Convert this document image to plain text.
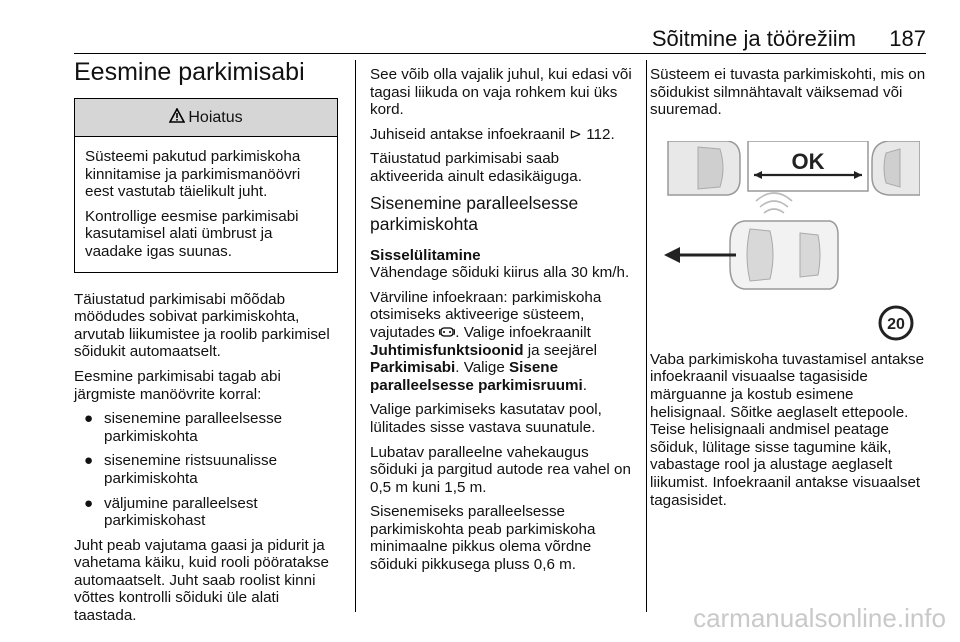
Sõitmine ja töörežiim 187
Eesmine parkimisabi
Hoiatus

Süsteemi pakutud parkimiskoha kinnitamise ja parkimismanöövri eest vastutab täielikult juht.

Kontrollige eesmise parkimisabi kasutamisel alati ümbrust ja vaadake igas suunas.

Täiustatud parkimisabi mõõdab möödudes sobivat parkimiskohta, arvutab liikumistee ja roolib parkimisel sõidukit automaatselt.

Eesmine parkimisabi tagab abi järgmiste manöövrite korral:

● sisenemine paralleelsesse parkimiskohta
● sisenemine ristsuunalisse parkimiskohta
● väljumine paralleelsest parkimiskohast

Juht peab vajutama gaasi ja pidurit ja vahetama käiku, kuid rooli pööratakse automaatselt. Juht saab roolist kinni võttes kontrolli sõiduki üle alati taastada.

See võib olla vajalik juhul, kui edasi või tagasi liikuda on vaja rohkem kui üks kord.

Juhiseid antakse infoekraanil ⊳ 112.

Täiustatud parkimisabi saab aktiveerida ainult edasikäiguga.

Sisenemine paralleelsesse parkimiskohta
Sisselülitamine

Vähendage sõiduki kiirus alla 30 km/h.

Värviline infoekraan: parkimiskoha otsimiseks aktiveerige süsteem, vajutades . Valige infoekraanilt Juhtimisfunktsioonid ja seejärel Parkimisabi. Valige Sisene paralleelsesse parkimisruumi.

Valige parkimiseks kasutatav pool, lülitades sisse vastava suunatule.

Lubatav paralleelne vahekaugus sõiduki ja pargitud autode rea vahel on 0,5 m kuni 1,5 m.

Sisenemiseks paralleelsesse parkimiskohta peab parkimiskoha minimaalne pikkus olema võrdne sõiduki pikkusega pluss 0,6 m.

Süsteem ei tuvasta parkimiskohti, mis on sõidukist silmnähtavalt väiksemad või suuremad.

OK
20

Vaba parkimiskoha tuvastamisel antakse infoekraanil visuaalse tagasiside märguanne ja kostub esimene helisignaal. Sõitke aeglaselt ettepoole. Teise helisignaali andmisel peatage sõiduk, lülitage sisse tagumine käik, vabastage rool ja alustage aeglaselt liikumist. Infoekraanil antakse visuaalset tagasisidet.

carmanualsonline.info
